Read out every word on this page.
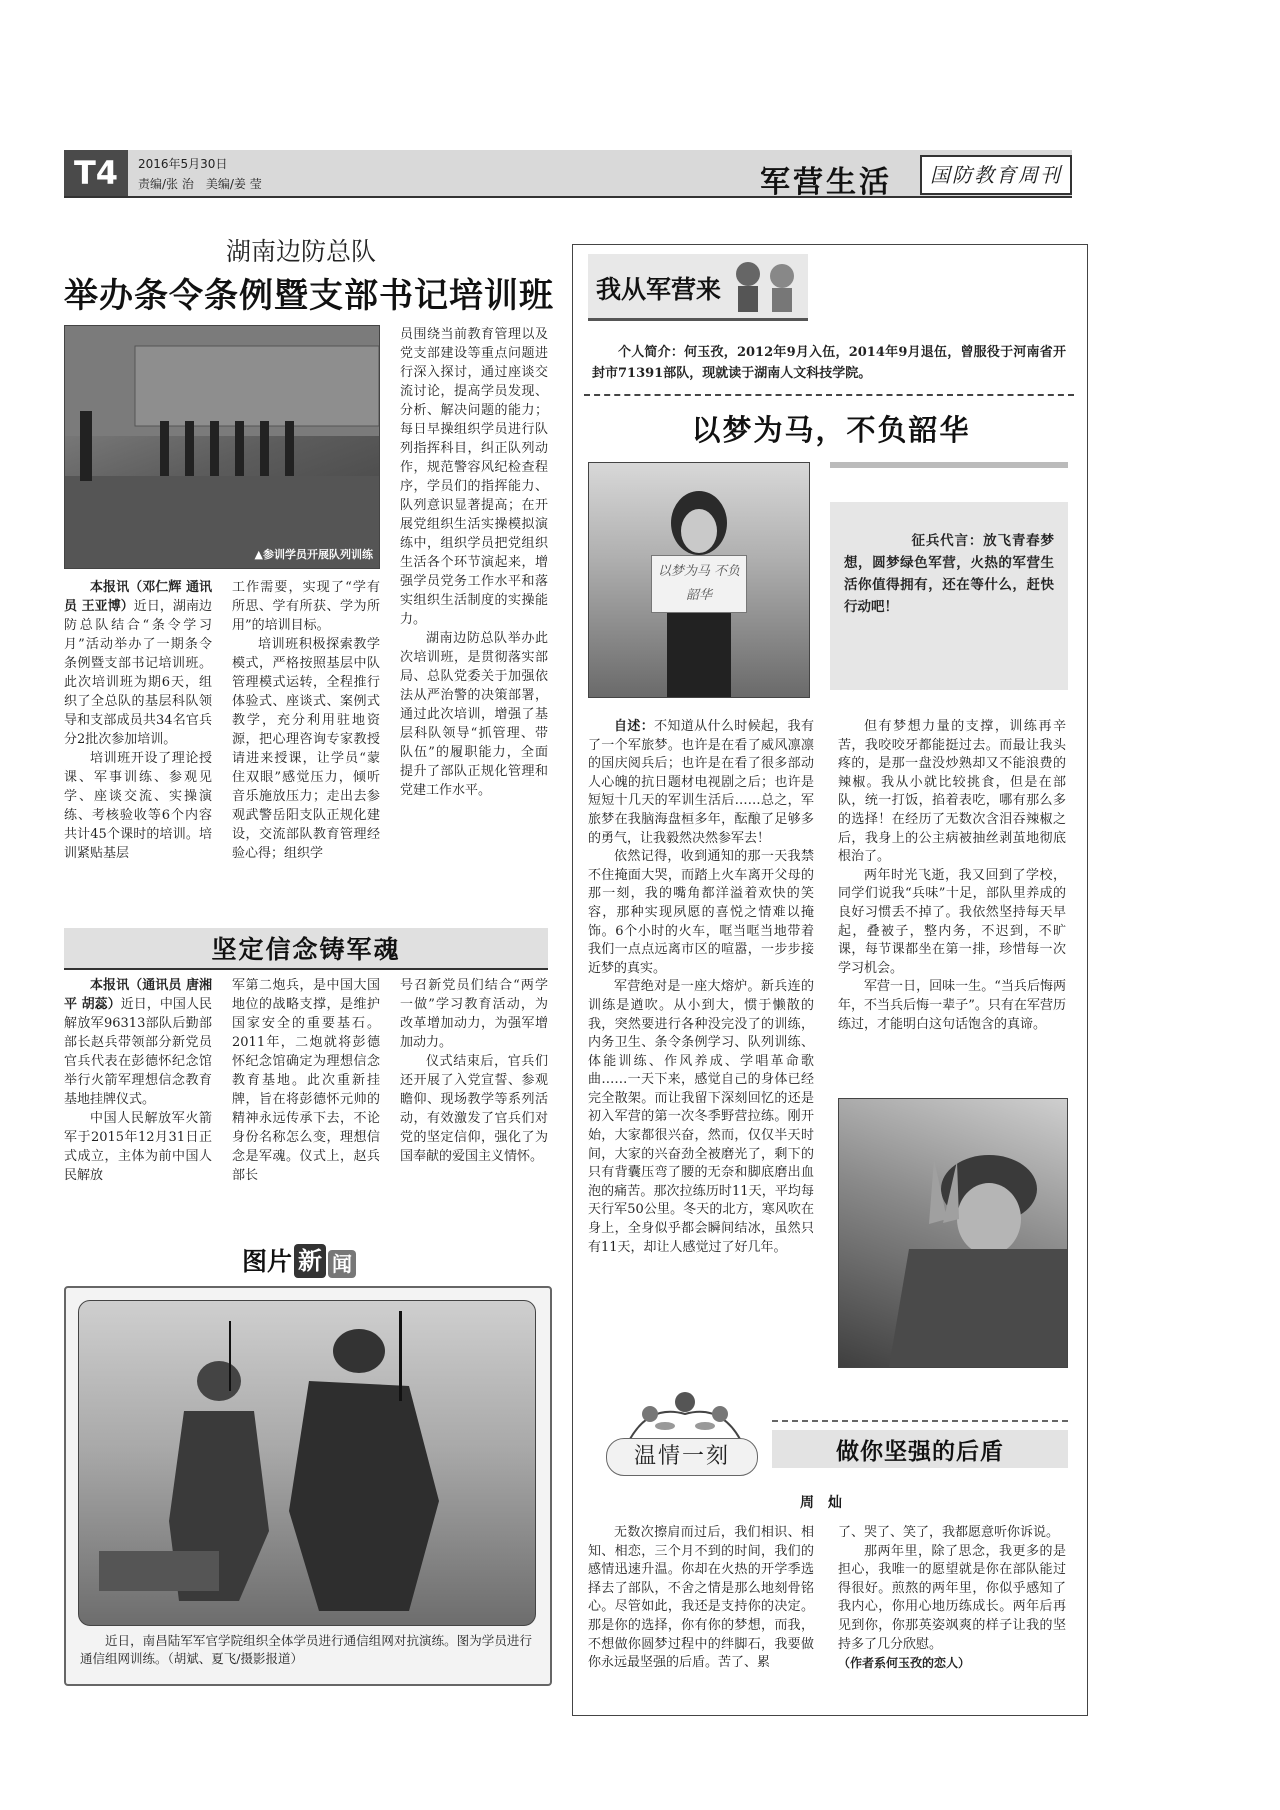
T4	2016年5月30日
责编/张 治　美编/姜 莹	军营生活	国防教育周刊
湖南边防总队
举办条令条例暨支部书记培训班
▲参训学员开展队列训练

本报讯（邓仁辉 通讯员 王亚博）近日，湖南边防总队结合“条令学习月”活动举办了一期条令条例暨支部书记培训班。此次培训班为期6天，组织了全总队的基层科队领导和支部成员共34名官兵分2批次参加培训。

培训班开设了理论授课、军事训练、参观见学、座谈交流、实操演练、考核验收等6个内容共计45个课时的培训。培训紧贴基层

工作需要，实现了“学有所思、学有所获、学为所用”的培训目标。

培训班积极探索教学模式，严格按照基层中队管理模式运转，全程推行体验式、座谈式、案例式教学，充分利用驻地资源，把心理咨询专家教授请进来授课，让学员“蒙住双眼”感觉压力，倾听音乐施放压力；走出去参观武警岳阳支队正规化建设，交流部队教育管理经验心得；组织学

员围绕当前教育管理以及党支部建设等重点问题进行深入探讨，通过座谈交流讨论，提高学员发现、分析、解决问题的能力；每日早操组织学员进行队列指挥科目，纠正队列动作，规范警容风纪检查程序，学员们的指挥能力、队列意识显著提高；在开展党组织生活实操模拟演练中，组织学员把党组织生活各个环节演起来，增强学员党务工作水平和落实组织生活制度的实操能力。

湖南边防总队举办此次培训班，是贯彻落实部局、总队党委关于加强依法从严治警的决策部署，通过此次培训，增强了基层科队领导“抓管理、带队伍”的履职能力，全面提升了部队正规化管理和党建工作水平。

坚定信念铸军魂

本报讯（通讯员 唐湘平 胡蕊）近日，中国人民解放军96313部队后勤部部长赵兵带领部分新党员官兵代表在彭德怀纪念馆举行火箭军理想信念教育基地挂牌仪式。

中国人民解放军火箭军于2015年12月31日正式成立，主体为前中国人民解放

军第二炮兵，是中国大国地位的战略支撑，是维护国家安全的重要基石。2011年，二炮就将彭德怀纪念馆确定为理想信念教育基地。此次重新挂牌，旨在将彭德怀元帅的精神永远传承下去，不论身份名称怎么变，理想信念是军魂。仪式上，赵兵部长

号召新党员们结合“两学一做”学习教育活动，为改革增加动力，为强军增加动力。

仪式结束后，官兵们还开展了入党宣誓、参观瞻仰、现场教学等系列活动，有效激发了官兵们对党的坚定信仰，强化了为国奉献的爱国主义情怀。

图片 新 闻
近日，南昌陆军军官学院组织全体学员进行通信组网对抗演练。图为学员进行通信组网训练。（胡斌、夏飞/摄影报道）
我从军营来
个人简介：何玉孜，2012年9月入伍，2014年9月退伍，曾服役于河南省开封市71391部队，现就读于湖南人文科技学院。
以梦为马，不负韶华
以梦为马 不负韶华
征兵代言：放飞青春梦想，圆梦绿色军营，火热的军营生活你值得拥有，还在等什么，赶快行动吧！

自述：不知道从什么时候起，我有了一个军旅梦。也许是在看了威风凛凛的国庆阅兵后；也许是在看了很多部动人心魄的抗日题材电视剧之后；也许是短短十几天的军训生活后……总之，军旅梦在我脑海盘桓多年，酝酿了足够多的勇气，让我毅然决然参军去！

依然记得，收到通知的那一天我禁不住掩面大哭，而踏上火车离开父母的那一刻，我的嘴角都洋溢着欢快的笑容，那种实现夙愿的喜悦之情难以掩饰。6个小时的火车，哐当哐当地带着我们一点点远离市区的喧嚣，一步步接近梦的真实。

军营绝对是一座大熔炉。新兵连的训练是遒吹。从小到大，惯于懒散的我，突然要进行各种没完没了的训练，内务卫生、条令条例学习、队列训练、体能训练、作风养成、学唱革命歌曲……一天下来，感觉自己的身体已经完全散架。而让我留下深刻回忆的还是初入军营的第一次冬季野营拉练。刚开始，大家都很兴奋，然而，仅仅半天时间，大家的兴奋劲全被磨光了，剩下的只有背囊压弯了腰的无奈和脚底磨出血泡的痛苦。那次拉练历时11天，平均每天行军50公里。冬天的北方，寒风吹在身上，全身似乎都会瞬间结冰，虽然只有11天，却让人感觉过了好几年。

但有梦想力量的支撑，训练再辛苦，我咬咬牙都能挺过去。而最让我头疼的，是那一盘没炒熟却又不能浪费的辣椒。我从小就比较挑食，但是在部队，统一打饭，掐着表吃，哪有那么多的选择！在经历了无数次含泪吞辣椒之后，我身上的公主病被抽丝剥茧地彻底根治了。

两年时光飞逝，我又回到了学校，同学们说我“兵味”十足，部队里养成的良好习惯丢不掉了。我依然坚持每天早起，叠被子，整内务，不迟到，不旷课，每节课都坐在第一排，珍惜每一次学习机会。

军营一日，回味一生。“当兵后悔两年，不当兵后悔一辈子”。只有在军营历练过，才能明白这句话饱含的真谛。

温情一刻	做你坚强的后盾
周　灿

无数次擦肩而过后，我们相识、相知、相恋，三个月不到的时间，我们的感情迅速升温。你却在火热的开学季选择去了部队，不舍之情是那么地刻骨铭心。尽管如此，我还是支持你的决定。那是你的选择，你有你的梦想，而我，不想做你圆梦过程中的绊脚石，我要做你永远最坚强的后盾。苦了、累

了、哭了、笑了，我都愿意听你诉说。

那两年里，除了思念，我更多的是担心，我唯一的愿望就是你在部队能过得很好。煎熬的两年里，你似乎感知了我内心，你用心地历练成长。两年后再见到你，你那英姿飒爽的样子让我的坚持多了几分欣慰。

（作者系何玉孜的恋人）
